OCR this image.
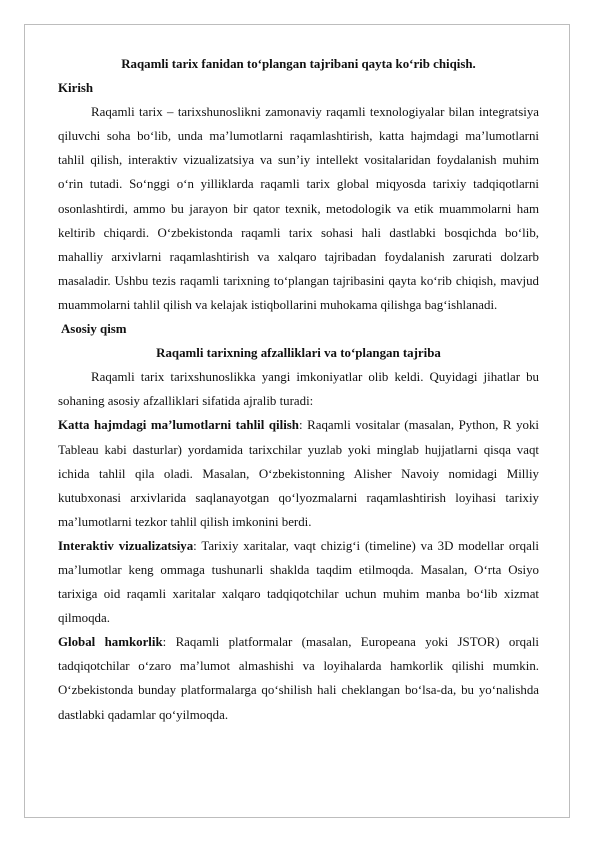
Raqamli tarix fanidan to‘plangan tajribani qayta ko‘rib chiqish.

Kirish

Raqamli tarix – tarixshunoslikni zamonaviy raqamli texnologiyalar bilan integratsiya qiluvchi soha bo‘lib, unda ma’lumotlarni raqamlashtirish, katta hajmdagi ma’lumotlarni tahlil qilish, interaktiv vizualizatsiya va sun’iy intellekt vositalaridan foydalanish muhim o‘rin tutadi. So‘nggi o‘n yilliklarda raqamli tarix global miqyosda tarixiy tadqiqotlarni osonlashtirdi, ammo bu jarayon bir qator texnik, metodologik va etik muammolarni ham keltirib chiqardi. O‘zbekistonda raqamli tarix sohasi hali dastlabki bosqichda bo‘lib, mahalliy arxivlarni raqamlashtirish va xalqaro tajribadan foydalanish zarurati dolzarb masaladir. Ushbu tezis raqamli tarixning to‘plangan tajribasini qayta ko‘rib chiqish, mavjud muammolarni tahlil qilish va kelajak istiqbollarini muhokama qilishga bag‘ishlanadi.

Asosiy qism

Raqamli tarixning afzalliklari va to‘plangan tajriba

Raqamli tarix tarixshunoslikka yangi imkoniyatlar olib keldi. Quyidagi jihatlar bu sohaning asosiy afzalliklari sifatida ajralib turadi:

Katta hajmdagi ma’lumotlarni tahlil qilish: Raqamli vositalar (masalan, Python, R yoki Tableau kabi dasturlar) yordamida tarixchilar yuzlab yoki minglab hujjatlarni qisqa vaqt ichida tahlil qila oladi. Masalan, O‘zbekistonning Alisher Navoiy nomidagi Milliy kutubxonasi arxivlarida saqlanayotgan qo‘lyozmalarni raqamlashtirish loyihasi tarixiy ma’lumotlarni tezkor tahlil qilish imkonini berdi.

Interaktiv vizualizatsiya: Tarixiy xaritalar, vaqt chizig‘i (timeline) va 3D modellar orqali ma’lumotlar keng ommaga tushunarli shaklda taqdim etilmoqda. Masalan, O‘rta Osiyo tarixiga oid raqamli xaritalar xalqaro tadqiqotchilar uchun muhim manba bo‘lib xizmat qilmoqda.

Global hamkorlik: Raqamli platformalar (masalan, Europeana yoki JSTOR) orqali tadqiqotchilar o‘zaro ma’lumot almashishi va loyihalarda hamkorlik qilishi mumkin. O‘zbekistonda bunday platformalarga qo‘shilish hali cheklangan bo‘lsa-da, bu yo‘nalishda dastlabki qadamlar qo‘yilmoqda.
